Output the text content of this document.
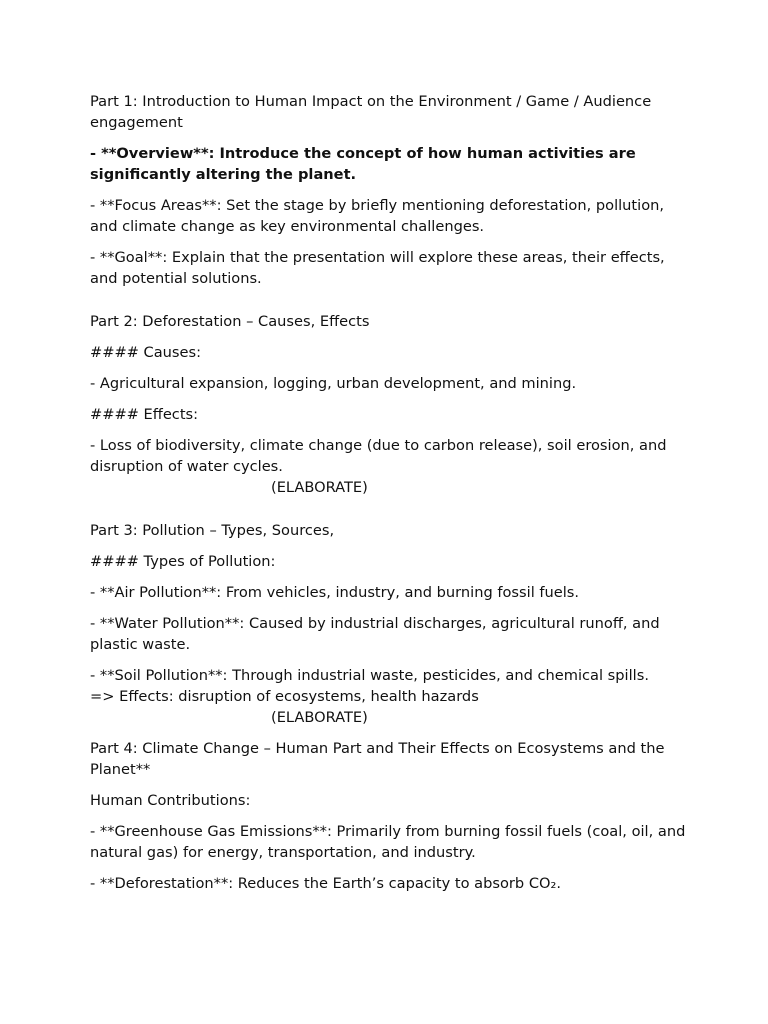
Part 1: Introduction to Human Impact on the Environment / Game / Audience engagement
- **Overview**: Introduce the concept of how human activities are significantly altering the planet.
- **Focus Areas**: Set the stage by briefly mentioning deforestation, pollution, and climate change as key environmental challenges.
- **Goal**: Explain that the presentation will explore these areas, their effects, and potential solutions.
Part 2: Deforestation – Causes, Effects
#### Causes:
- Agricultural expansion, logging, urban development, and mining.
#### Effects:
- Loss of biodiversity, climate change (due to carbon release), soil erosion, and disruption of water cycles.
(ELABORATE)
Part 3: Pollution – Types, Sources,
#### Types of Pollution:
- **Air Pollution**: From vehicles, industry, and burning fossil fuels.
- **Water Pollution**: Caused by industrial discharges, agricultural runoff, and plastic waste.
- **Soil Pollution**: Through industrial waste, pesticides, and chemical spills.
=> Effects: disruption of ecosystems, health hazards
(ELABORATE)
Part 4: Climate Change – Human Part and Their Effects on Ecosystems and the Planet**
Human Contributions:
- **Greenhouse Gas Emissions**: Primarily from burning fossil fuels (coal, oil, and natural gas) for energy, transportation, and industry.
- **Deforestation**: Reduces the Earth’s capacity to absorb CO₂.
